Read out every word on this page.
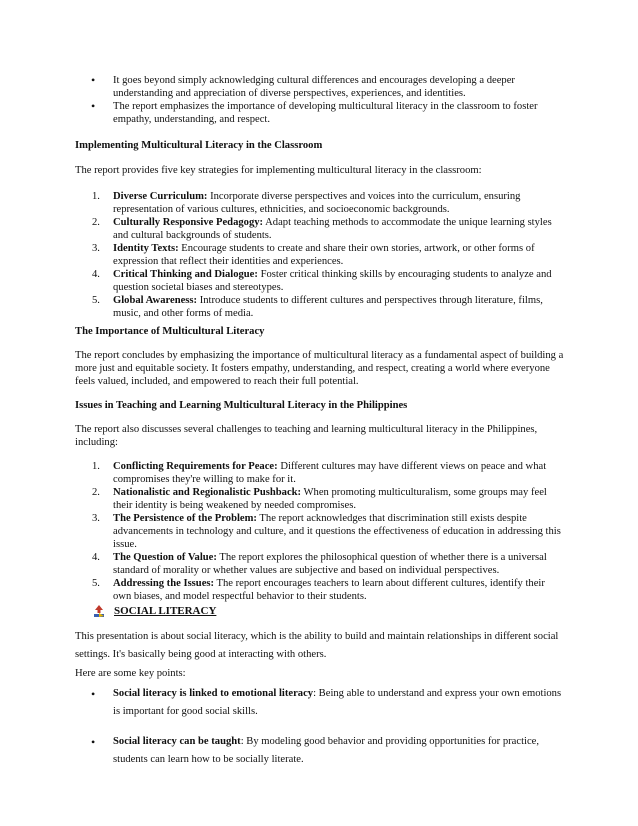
• It goes beyond simply acknowledging cultural differences and encourages developing a deeper understanding and appreciation of diverse perspectives, experiences, and identities.
• The report emphasizes the importance of developing multicultural literacy in the classroom to foster empathy, understanding, and respect.
Implementing Multicultural Literacy in the Classroom

The report provides five key strategies for implementing multicultural literacy in the classroom:

1. Diverse Curriculum: Incorporate diverse perspectives and voices into the curriculum, ensuring representation of various cultures, ethnicities, and socioeconomic backgrounds.
2. Culturally Responsive Pedagogy: Adapt teaching methods to accommodate the unique learning styles and cultural backgrounds of students.
3. Identity Texts: Encourage students to create and share their own stories, artwork, or other forms of expression that reflect their identities and experiences.
4. Critical Thinking and Dialogue: Foster critical thinking skills by encouraging students to analyze and question societal biases and stereotypes.
5. Global Awareness: Introduce students to different cultures and perspectives through literature, films, music, and other forms of media.
The Importance of Multicultural Literacy

The report concludes by emphasizing the importance of multicultural literacy as a fundamental aspect of building a more just and equitable society. It fosters empathy, understanding, and respect, creating a world where everyone feels valued, included, and empowered to reach their full potential.

Issues in Teaching and Learning Multicultural Literacy in the Philippines

The report also discusses several challenges to teaching and learning multicultural literacy in the Philippines, including:

1. Conflicting Requirements for Peace: Different cultures may have different views on peace and what compromises they're willing to make for it.
2. Nationalistic and Regionalistic Pushback: When promoting multiculturalism, some groups may feel their identity is being weakened by needed compromises.
3. The Persistence of the Problem: The report acknowledges that discrimination still exists despite advancements in technology and culture, and it questions the effectiveness of education in addressing this issue.
4. The Question of Value: The report explores the philosophical question of whether there is a universal standard of morality or whether values are subjective and based on individual perspectives.
5. Addressing the Issues: The report encourages teachers to learn about different cultures, identify their own biases, and model respectful behavior to their students.
SOCIAL LITERACY

This presentation is about social literacy, which is the ability to build and maintain relationships in different social settings. It's basically being good at interacting with others.

Here are some key points:

• Social literacy is linked to emotional literacy: Being able to understand and express your own emotions is important for good social skills.
• Social literacy can be taught: By modeling good behavior and providing opportunities for practice, students can learn how to be socially literate.
